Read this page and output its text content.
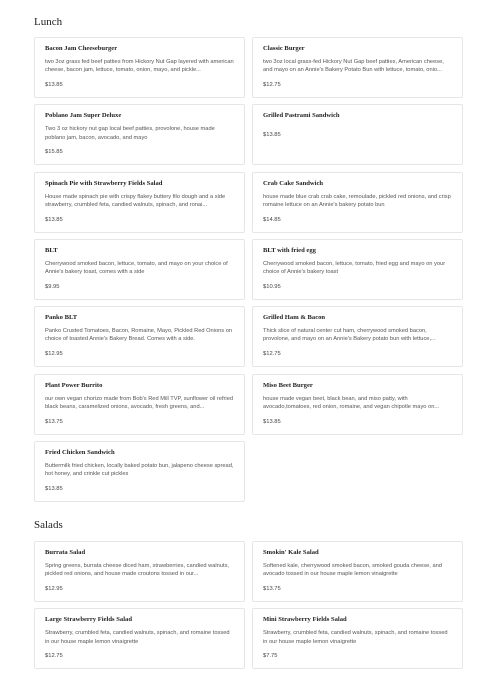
Lunch
Bacon Jam Cheeseburger
two 3oz grass fed beef patties from Hickory Nut Gap layered with american cheese, bacon jam, lettuce, tomato, onion, mayo, and pickle...
$13.85
Classic Burger
two 3oz local grass-fed Hickory Nut Gap beef patties, American cheese, and mayo on an Annie's Bakery Potato Bun with lettuce, tomato, onio...
$12.75
Poblano Jam Super Deluxe
Two 3 oz hickory nut gap local beef patties, provolone, house made poblano jam, bacon, avocado, and mayo
$15.85
Grilled Pastrami Sandwich
$13.85
Spinach Pie with Strawberry Fields Salad
House made spinach pie with crispy flakey buttery filo dough and a side strawberry, crumbled feta, candied walnuts, spinach, and ronai...
$13.85
Crab Cake Sandwich
house made blue crab crab cake, remoulade, pickled red onions, and crisp romaine lettuce on an Annie's bakery potato bun
$14.85
BLT
Cherrywood smoked bacon, lettuce, tomato, and mayo on your choice of Annie's bakery toast, comes with a side
$9.95
BLT with fried egg
Cherrywood smoked bacon, lettuce, tomato, fried egg and mayo on your choice of Annie's bakery toast
$10.95
Panko BLT
Panko Crusted Tomatoes, Bacon, Romaine, Mayo, Pickled Red Onions on choice of toasted Annie's Bakery Bread. Comes with a side.
$12.95
Grilled Ham & Bacon
Thick slice of natural center cut ham, cherrywood smoked bacon, provolone, and mayo on an Annie's Bakery potato bun with lettuce,...
$12.75
Plant Power Burrito
our own vegan chorizo made from Bob's Red Mill TVP, sunflower oil refried black beans, caramelized onions, avocado, fresh greens, and...
$13.75
Miso Beet Burger
house made vegan beet, black bean, and miso patty, with avocado,tomatoes, red onion, romaine, and vegan chipotle mayo on...
$13.85
Fried Chicken Sandwich
Buttermilk fried chicken, locally baked potato bun, jalapeno cheese spread, hot honey, and crinkle cut pickles
$13.85
Salads
Burrata Salad
Spring greens, burrata cheese diced ham, strawberries, candied walnuts, pickled red onions, and house made croutons tossed in our...
$12.95
Smokin' Kale Salad
Softened kale, cherrywood smoked bacon, smoked gouda cheese, and avocado tossed in our house maple lemon vinaigrette
$13.75
Large Strawberry Fields Salad
Strawberry, crumbled feta, candied walnuts, spinach, and romaine tossed in our house maple lemon vinaigrette
$12.75
Mini Strawberry Fields Salad
Strawberry, crumbled feta, candied walnuts, spinach, and romaine tossed in our house maple lemon vinaigrette
$7.75
